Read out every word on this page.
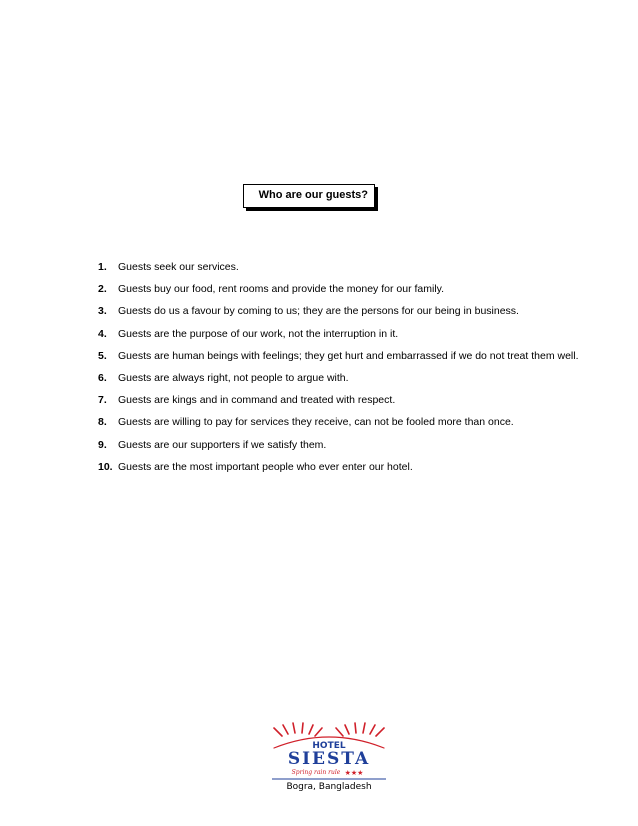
Who are our guests?
1. Guests seek our services.
2. Guests buy our food, rent rooms and provide the money for our family.
3. Guests do us a favour by coming to us; they are the persons for our being in business.
4. Guests are the purpose of our work, not the interruption in it.
5. Guests are human beings with feelings; they get hurt and embarrassed if we do not treat them well.
6. Guests are always right, not people to argue with.
7. Guests are kings and in command and treated with respect.
8. Guests are willing to pay for services they receive, can not be fooled more than once.
9. Guests are our supporters if we satisfy them.
10. Guests are the most important people who ever enter our hotel.
HOTEL
SIESTA
Spring rain rule ★★★
Bogra, Bangladesh
